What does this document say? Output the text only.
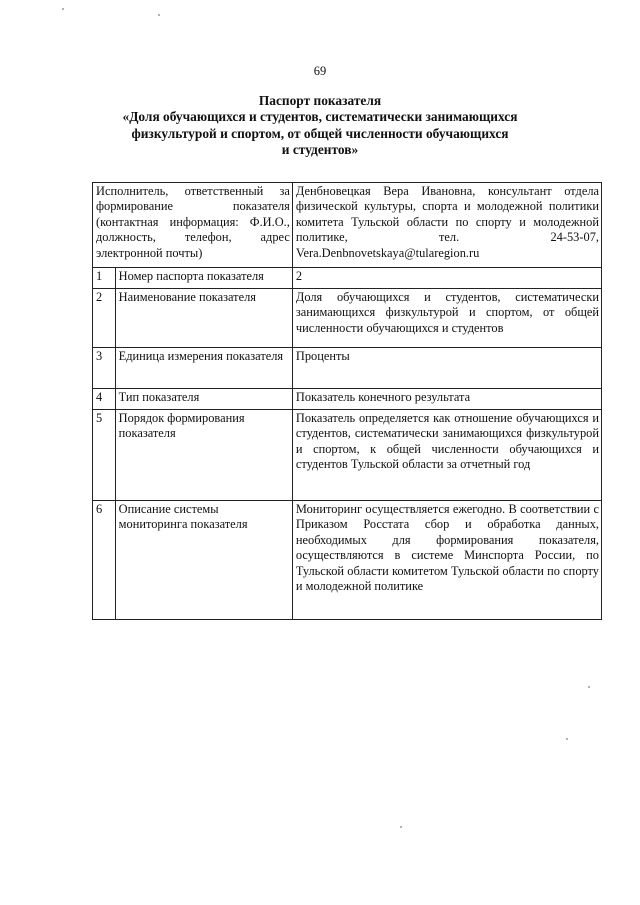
69
Паспорт показателя
«Доля обучающихся и студентов, систематически занимающихся
физкультурой и спортом, от общей численности обучающихся
и студентов»

Исполнитель, ответственный за формирование показателя (контактная информация: Ф.И.О., должность, телефон, адрес электронной почты)		Денбновецкая Вера Ивановна, консультант отдела физической культуры, спорта и молодежной политики комитета Тульской области по спорту и молодежной политике, тел. 24-53-07, Vera.Denbnovetskaya@tularegion.ru
1	Номер паспорта показателя	2
2	Наименование показателя	Доля обучающихся и студентов, систематически занимающихся физкультурой и спортом, от общей численности обучающихся и студентов
3	Единица измерения показателя	Проценты
4	Тип показателя	Показатель конечного результата
5	Порядок формирования показателя	Показатель определяется как отношение обучающихся и студентов, систематически занимающихся физкультурой и спортом, к общей численности обучающихся и студентов Тульской области за отчетный год
6	Описание системы мониторинга показателя	Мониторинг осуществляется ежегодно. В соответствии с Приказом Росстата сбор и обработка данных, необходимых для формирования показателя, осуществляются в системе Минспорта России, по Тульской области комитетом Тульской области по спорту и молодежной политике
